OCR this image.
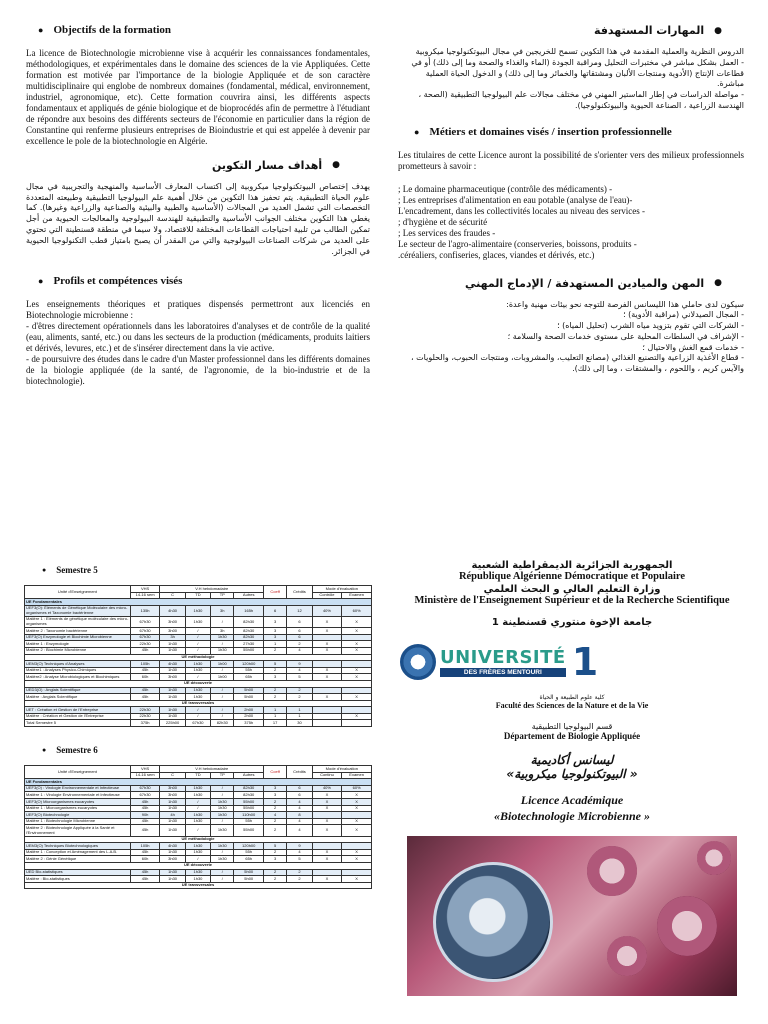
● Objectifs de la formation
La licence de Biotechnologie microbienne vise à acquérir les connaissances fondamentales, méthodologiques, et expérimentales dans le domaine des sciences de la vie Appliquées. Cette formation est motivée par l'importance de la biologie Appliquée et de son caractère multidisciplinaire qui englobe de nombreux domaines (fondamental, médical, environnement, industriel, agronomique, etc). Cette formation couvrira ainsi, les différents aspects fondamentaux et appliqués de génie biologique et de bioprocédés afin de permettre à l'étudiant de répondre aux besoins des différents secteurs de l'économie en particulier dans la région de Constantine qui renferme plusieurs entreprises de Bioindustrie et qui est appelée à devenir par excellence le pole de la biotechnologie en Algérie.
●
أهداف مسار التكوين
يهدف إختصاص البيوتكنولوجيا ميكروبية إلى اكتساب المعارف الأساسية والمنهجية والتجريبية في مجال علوم الحياة التطبيقية. يتم تحفيز هذا التكوين من خلال أهمية علم البيولوجيا التطبيقية وطبيعته المتعددة التخصصات التي تشمل العديد من المجالات (الأساسية والطبية والبيئية والصناعية والزراعية وغيرها). كما يغطي هذا التكوين مختلف الجوانب الأساسية والتطبيقية للهندسة البيولوجية والمعالجات الحيوية من أجل تمكين الطالب من تلبية احتياجات القطاعات المختلفة للاقتصاد، ولا سيما في منطقة قسنطينة التي تحتوي على العديد من شركات الصناعات البيولوجية والتي من المقدر أن يصبح بامتياز قطب التكنولوجيا الحيوية في الجزائر.
● Profils et compétences visés
Les enseignements théoriques et pratiques dispensés permettront aux licenciés en Biotechnologie microbienne :
- d'êtres directement opérationnels dans les laboratoires d'analyses et de contrôle de la qualité (eau, aliments, santé, etc.) ou dans les secteurs de la production (médicaments, produits laitiers et dérivés, levures, etc.) et de s'insérer directement dans la vie active.
- de poursuivre des études dans le cadre d'un Master professionnel dans les différents domaines de la biologie appliquée (de la santé, de l'agronomie, de la bio-industrie et de la biotechnologie).
●
المهارات المستهدفة
الدروس النظرية والعملية المقدمة في هذا التكوين تسمح للخريجين في مجال البيوتكنولوجيا ميكروبية
- العمل بشكل مباشر في مختبرات التحليل ومراقبة الجودة (الماء والغذاء والصحة وما إلى ذلك) أو في قطاعات الإنتاج (الأدوية ومنتجات الألبان ومشتقاتها والخمائر وما إلى ذلك) و الدخول الحياة العملية مباشرة.
- مواصلة الدراسات في إطار الماستير المهني في مختلف مجالات علم البيولوجيا التطبيقية (الصحة ، الهندسة الزراعية ، الصناعة الحيوية والبيوتكنولوجيا).
● Métiers et domaines visés / insertion professionnelle
Les titulaires de cette Licence auront la possibilité de s'orienter vers des milieux professionnels prometteurs à savoir :
; Le domaine pharmaceutique (contrôle des médicaments) -
; Les entreprises d'alimentation en eau potable (analyse de l'eau)-
L'encadrement, dans les collectivités locales au niveau des services -
; d'hygiène et de sécurité
; Les services des fraudes -
Le secteur de l'agro-alimentaire (conserveries, boissons, produits -
.céréaliers, confiseries, glaces, viandes et dérivés, etc.)
●
المهن والميادين المستهدفة / الإدماج المهني
سيكون لدى حاملي هذا الليسانس الفرصة للتوجه نحو بيئات مهنية واعدة:
- المجال الصيدلاني (مراقبة الأدوية) ؛
- الشركات التي تقوم بتزويد مياه الشرب (تحليل المياه) ؛
- الإشراف في السلطات المحلية على مستوى خدمات الصحة والسلامة ؛
- خدمات قمع الغش والاحتيال ؛
- قطاع الأغذية الزراعية والتصنيع الغذائي (مصانع التعليب، والمشروبات، ومنتجات الحبوب، والحلويات ، والآيس كريم ، واللحوم ، والمشتقات ، وما إلى ذلك).
● Semestre 5
Unité d'Enseignement	VHS	V.H hebdomadaire				Coeff	Crédits	Mode d'évaluation	
	14-16 sem	C	TD	TP	Autres			Contrôle	Examen
UE Fondamentales									
UEF3(O): Éléments de Génétique Moléculaire des micro-organismes et Taxonomie bactérienne	135h	4h30	1h30	3h	165h	6	12	40%	60%
Matière 1 : Eléments de génétique moléculaire des micro-organismes	67h30	3h00	1h30	/	82h30	3	6	X	X
Matière 2 : Taxonomie bactérienne	67h30	3h00	/	3h	82h30	3	6	X	X
UEF3(O) Enzymologie et Biochimie Microbienne	67h30	3h	/	1h30	82h30	3	6		
Matière 1 : Enzymologie	22h30	1h30	/	/	27h30	1	2	X	X
Matière 2 : Biochimie Microbienne	45h	1h30	/	1h30	55h00	2	4	X	X
UE méthodologie									
UEM3(O) Techniques d'Analyses	105h	4h30	1h30	1h00	120h00	5	9		
Matière1 : Analyses Physico-Chimiques	45h	1h30	1h30	/	55h	2	4	X	X
Matière2 : Analyse Microbiologiques et Biochimiques	60h	3h00	/	1h00	65h	3	5	X	X
UE découverte									
UED3(O) : Anglais Scientifique	45h	1h30	1h30	/	5h00	2	2		
Matière : Anglais Scientifique	45h	1h30	1h30	/	5h00	2	2	X	X
UE transversales									
UET : Création et Gestion de l'Entreprise	22h30	1h30	/	/	2h00	1	1		
Matière : Création et Gestion de l'Entreprise	22h30	1h30	/	/	2h00	1	1		X
Total Semestre 5	375h	225h00	67h30	82h30	375h	17	30		
● Semestre 6
Unité d'Enseignement	VHS	V.H hebdomadaire				Coeff	Crédits	Mode d'évaluation	
	14-16 sem	C	TD	TP	Autres			Continu	Examen
UE Fondamentales									
UEF3(O) : Virologie Environnementale et Infectieuse	67h30	3h00	1h30	/	82h30	3	6	40%	60%
Matière 1 : Virologie Environnementale et Infectieuse	67h30	3h00	1h30	/	82h30	3	6	X	X
UEF3(O) Microorganismes eucaryotes	45h	1h30	/	1h30	55h00	2	4	X	X
Matière 1 : Microorganismes eucaryotes	45h	1h30	/	1h30	55h00	2	4	X	X
UEF3(O) Biotechnologie	90h	4h	1h30	1h30	110h00	4	8		
Matière 1 : Biotechnologie Microbienne	45h	1h30	1h30	/	55h	2	4	X	X
Matière 2 : Biotechnologie Appliquée à la Santé et l'Environnement	45h	1h30	/	1h30	55h00	2	4	X	X
UE méthodologie									
UEM3(O) Techniques Biotechnologiques	105h	4h30	1h30	1h30	120h00	5	9		
Matière 1 : Conception et Aménagement des L.A.B.	45h	1h30	1h30	/	55h	2	4	X	X
Matière 2 : Génie Génétique	60h	3h00	/	1h30	65h	3	5	X	X
UE découverte									
UED Bio-statistiques	45h	1h30	1h30	/	5h00	2	2		
Matière : Bio-statistiques	45h	1h30	1h30	/	5h00	2	2	X	X
UE transversales									
الجمهورية الجزائرية الديمقراطية الشعبية
République Algérienne Démocratique et Populaire
وزارة التعليم العالي و البحث العلمي
Ministère de l'Enseignement Supérieur et de la Recherche Scientifique
جامعة الإخوة منتوري قسنطينة 1
UNIVERSITÉ
DES FRÈRES MENTOURI 1
كلية علوم الطبيعة و الحياة
Faculté des Sciences de la Nature et de la Vie
قسم البيولوجيا التطبيقية
Département de Biologie Appliquée
ليسانس أكاديمية
«البيوتكنولوجيا ميكروبية »
Licence Académique
«Biotechnologie Microbienne »
